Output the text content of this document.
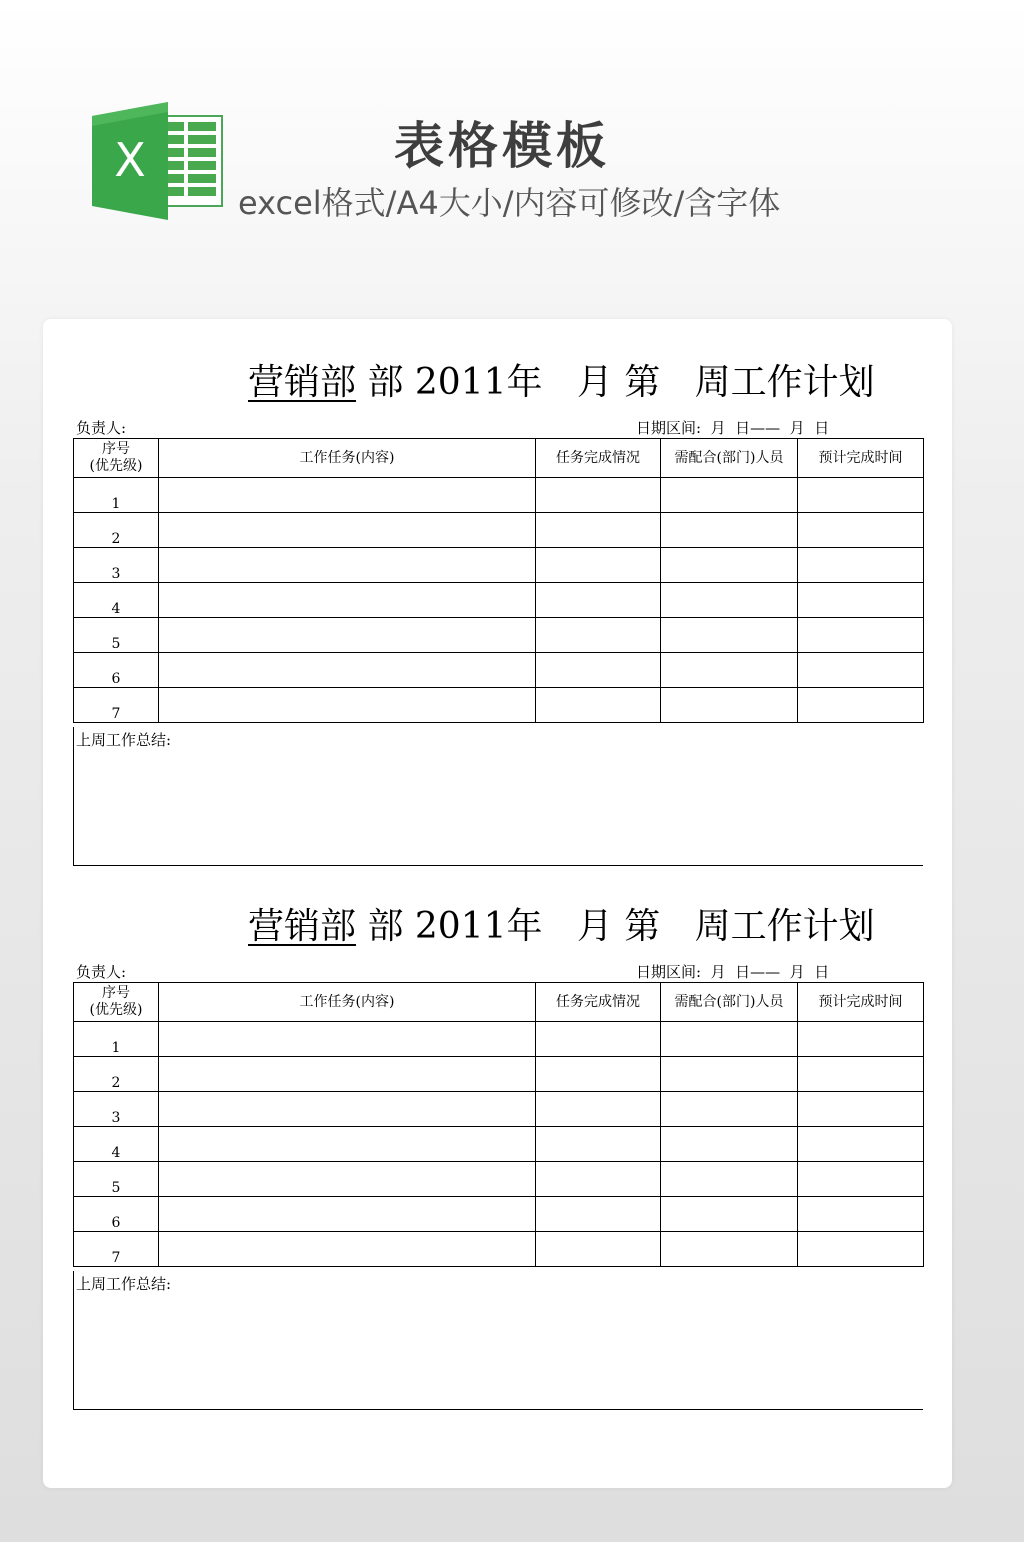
X	表格模板
excel格式/A4大小/内容可修改/含字体
营销部 部 2011年   月 第   周工作计划
负责人:	日期区间:  月  日——  月  日
序号
(优先级)	工作任务(内容)	任务完成情况	需配合(部门)人员	预计完成时间
1				
2				
3				
4				
5				
6				
7				
上周工作总结:
营销部 部 2011年   月 第   周工作计划
负责人:	日期区间:  月  日——  月  日
序号
(优先级)	工作任务(内容)	任务完成情况	需配合(部门)人员	预计完成时间
1				
2				
3				
4				
5				
6				
7				
上周工作总结:
